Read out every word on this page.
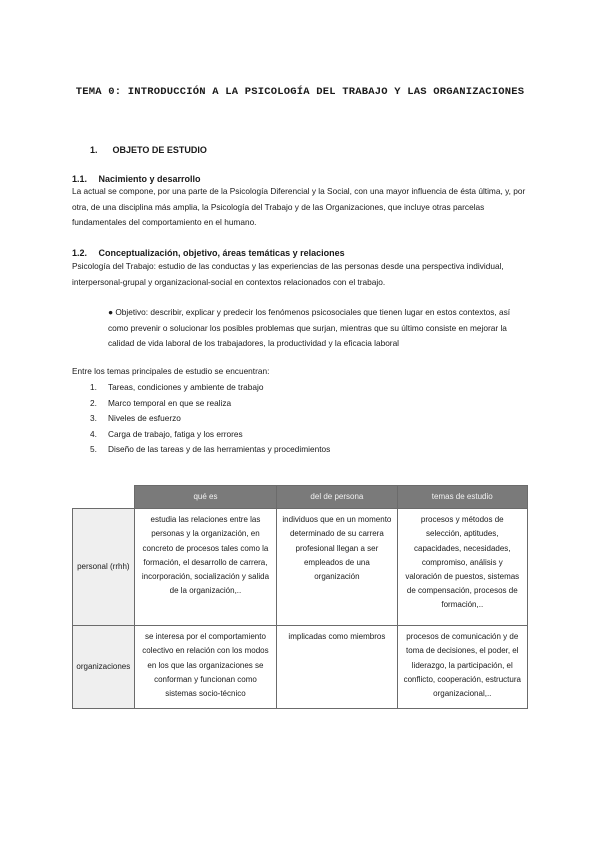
TEMA 0: INTRODUCCIÓN A LA PSICOLOGÍA DEL TRABAJO Y LAS ORGANIZACIONES
1. OBJETO DE ESTUDIO
1.1. Nacimiento y desarrollo
La actual se compone, por una parte de la Psicología Diferencial y la Social, con una mayor influencia de ésta última, y, por otra, de una disciplina más amplia, la Psicología del Trabajo y de las Organizaciones, que incluye otras parcelas fundamentales del comportamiento en el humano.
1.2. Conceptualización, objetivo, áreas temáticas y relaciones
Psicología del Trabajo: estudio de las conductas y las experiencias de las personas desde una perspectiva individual, interpersonal-grupal y organizacional-social en contextos relacionados con el trabajo.
● Objetivo: describir, explicar y predecir los fenómenos psicosociales que tienen lugar en estos contextos, así como prevenir o solucionar los posibles problemas que surjan, mientras que su último consiste en mejorar la calidad de vida laboral de los trabajadores, la productividad y la eficacia laboral
Entre los temas principales de estudio se encuentran:
1. Tareas, condiciones y ambiente de trabajo
2. Marco temporal en que se realiza
3. Niveles de esfuerzo
4. Carga de trabajo, fatiga y los errores
5. Diseño de las tareas y de las herramientas y procedimientos
	qué es	del de persona	temas de estudio
personal (rrhh)	estudia las relaciones entre las personas y la organización, en concreto de procesos tales como la formación, el desarrollo de carrera, incorporación, socialización y salida de la organización,..	individuos que en un momento determinado de su carrera profesional llegan a ser empleados de una organización	procesos y métodos de selección, aptitudes, capacidades, necesidades, compromiso, análisis y valoración de puestos, sistemas de compensación, procesos de formación,..
organizaciones	se interesa por el comportamiento colectivo en relación con los modos en los que las organizaciones se conforman y funcionan como sistemas socio-técnico	implicadas como miembros	procesos de comunicación y de toma de decisiones, el poder, el liderazgo, la participación, el conflicto, cooperación, estructura organizacional,..
